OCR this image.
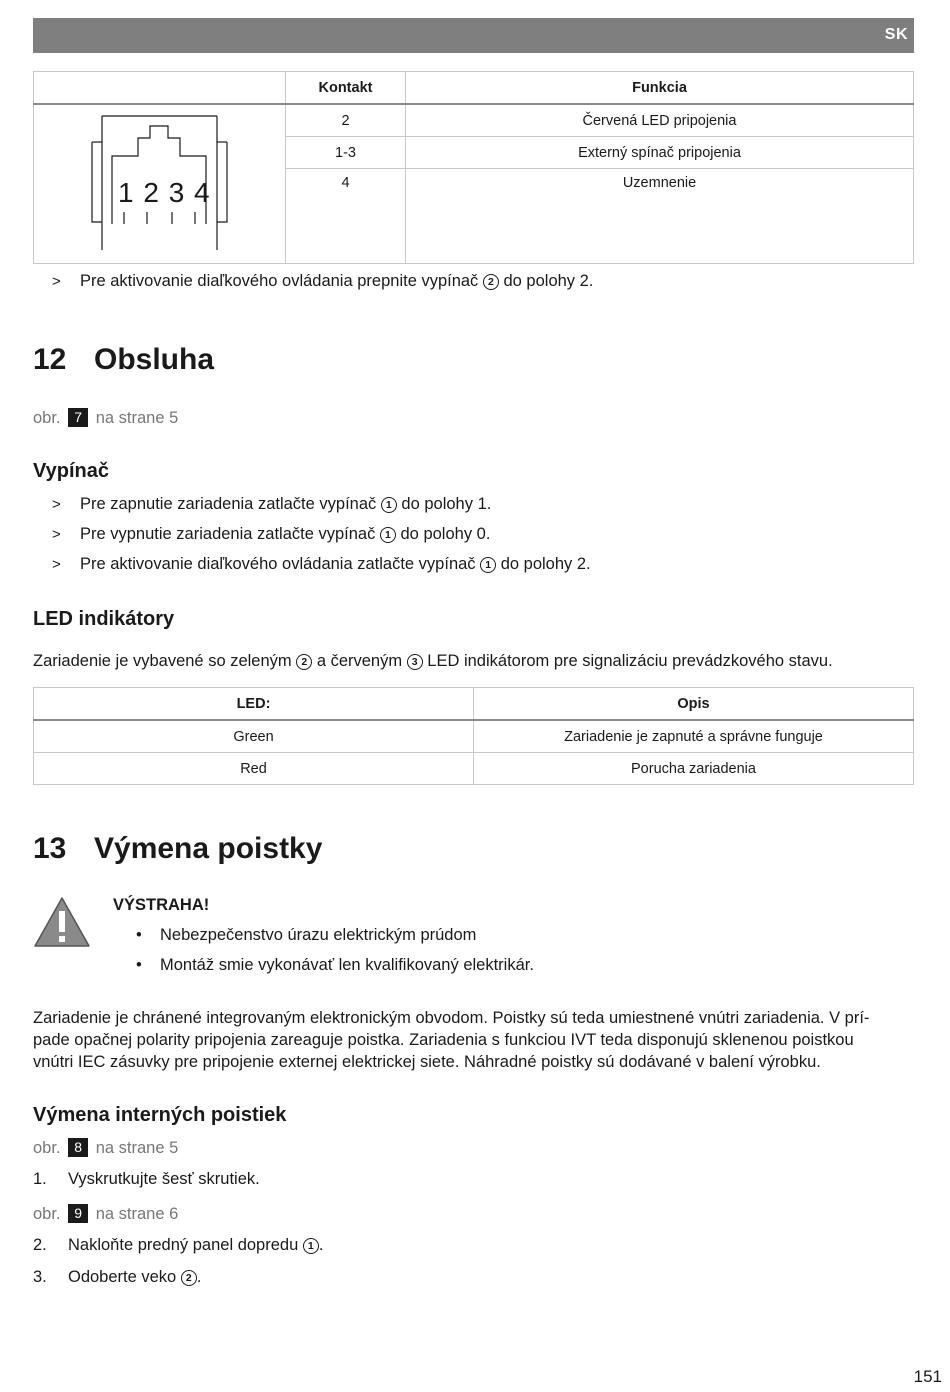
SK
	Kontakt	Funkcia

1 2 3 4	2	Červená LED pripojenia
	1-3	Externý spínač pripojenia
	4	Uzemnenie
> Pre aktivovanie diaľkového ovládania prepnite vypínač 2 do polohy 2.
12 Obsluha
obr. 7 na strane 5
Vypínač
> Pre zapnutie zariadenia zatlačte vypínač 1 do polohy 1.
> Pre vypnutie zariadenia zatlačte vypínač 1 do polohy 0.
> Pre aktivovanie diaľkového ovládania zatlačte vypínač 1 do polohy 2.
LED indikátory
Zariadenie je vybavené so zeleným 2 a červeným 3 LED indikátorom pre signalizáciu prevádzkového stavu.
LED:	Opis
Green	Zariadenie je zapnuté a správne funguje
Red	Porucha zariadenia
13 Výmena poistky
VÝSTRAHA!
• Nebezpečenstvo úrazu elektrickým prúdom
• Montáž smie vykonávať len kvalifikovaný elektrikár.
Zariadenie je chránené integrovaným elektronickým obvodom. Poistky sú teda umiestnené vnútri zariadenia. V prí-
pade opačnej polarity pripojenia zareaguje poistka. Zariadenia s funkciou IVT teda disponujú sklenenou poistkou
vnútri IEC zásuvky pre pripojenie externej elektrickej siete. Náhradné poistky sú dodávané v balení výrobku.
Výmena interných poistiek
obr. 8 na strane 5
1. Vyskrutkujte šesť skrutiek.
obr. 9 na strane 6
2. Nakloňte predný panel dopredu 1 .
3. Odoberte veko 2 .
151
